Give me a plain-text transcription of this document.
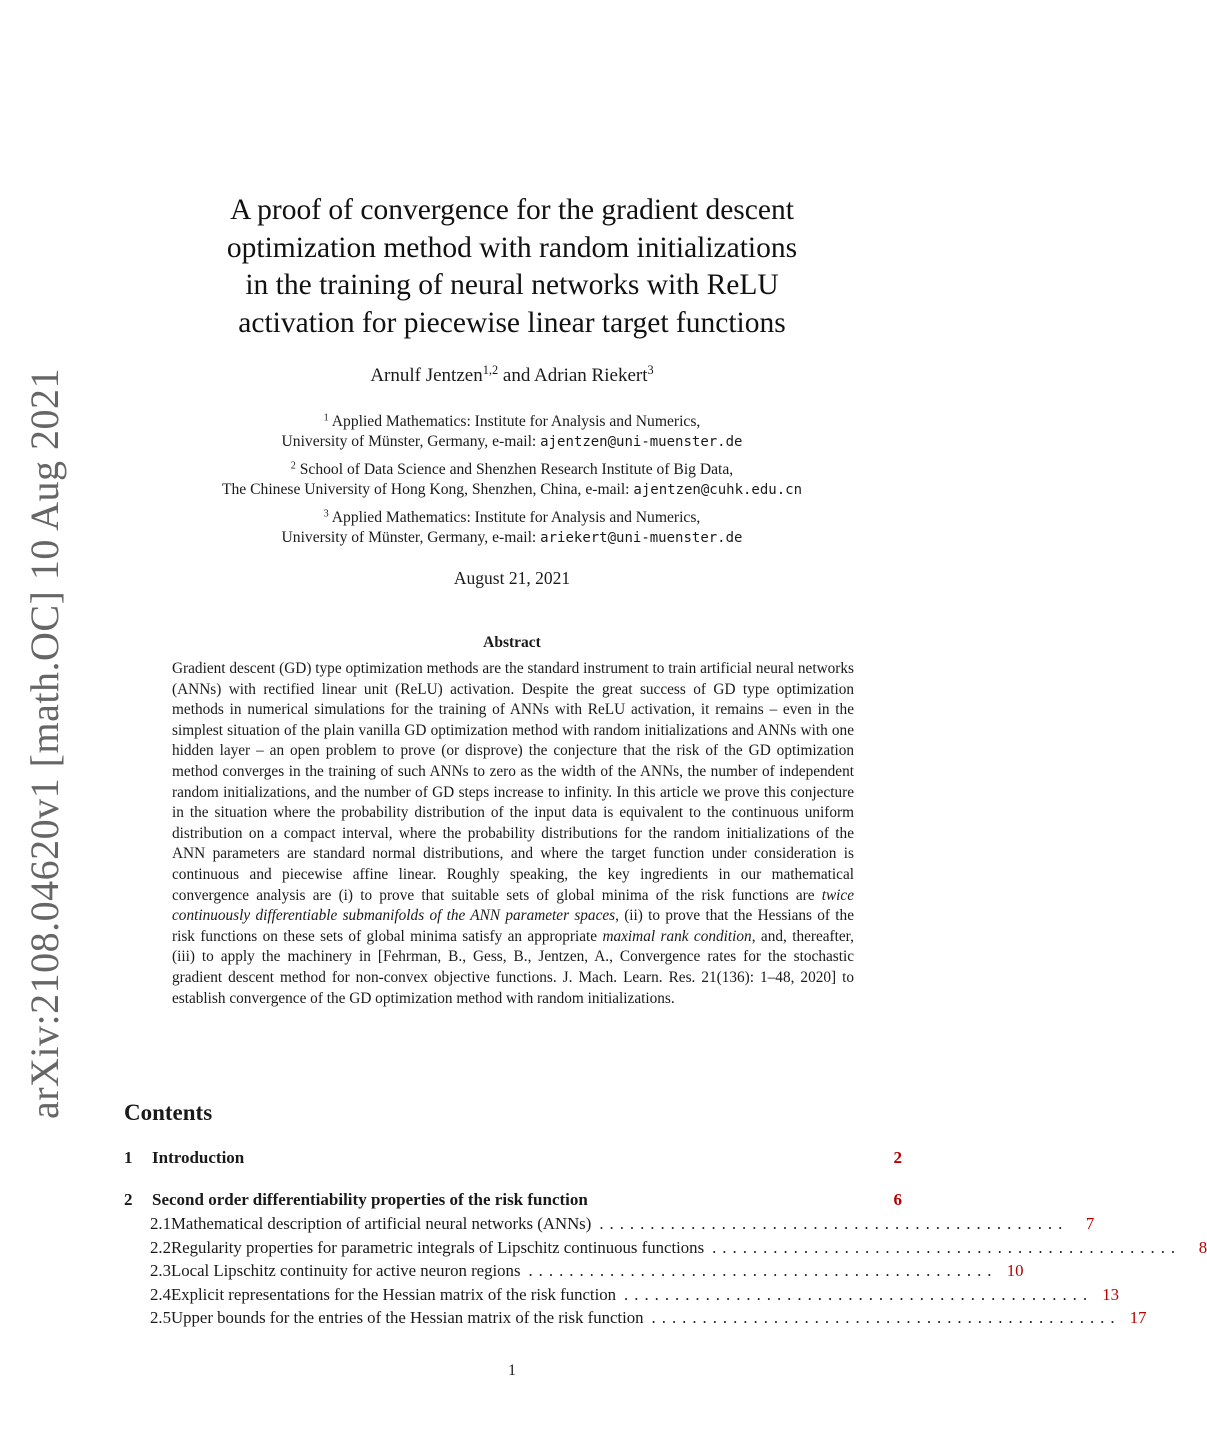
arXiv:2108.04620v1 [math.OC] 10 Aug 2021
A proof of convergence for the gradient descent
optimization method with random initializations
in the training of neural networks with ReLU
activation for piecewise linear target functions
Arnulf Jentzen$^{1,2}$ and Adrian Riekert$^3$
$^1$ Applied Mathematics: Institute for Analysis and Numerics,
University of Münster, Germany, e-mail: ajentzen@uni-muenster.de
$^2$ School of Data Science and Shenzhen Research Institute of Big Data,
The Chinese University of Hong Kong, Shenzhen, China, e-mail: ajentzen@cuhk.edu.cn
$^3$ Applied Mathematics: Institute for Analysis and Numerics,
University of Münster, Germany, e-mail: ariekert@uni-muenster.de
August 21, 2021
Abstract
Gradient descent (GD) type optimization methods are the standard instrument to train artificial neural networks (ANNs) with rectified linear unit (ReLU) activation. Despite the great success of GD type optimization methods in numerical simulations for the training of ANNs with ReLU activation, it remains – even in the simplest situation of the plain vanilla GD optimization method with random initializations and ANNs with one hidden layer – an open problem to prove (or disprove) the conjecture that the risk of the GD optimization method converges in the training of such ANNs to zero as the width of the ANNs, the number of independent random initializations, and the number of GD steps increase to infinity. In this article we prove this conjecture in the situation where the probability distribution of the input data is equivalent to the continuous uniform distribution on a compact interval, where the probability distributions for the random initializations of the ANN parameters are standard normal distributions, and where the target function under consideration is continuous and piecewise affine linear. Roughly speaking, the key ingredients in our mathematical convergence analysis are (i) to prove that suitable sets of global minima of the risk functions are twice continuously differentiable submanifolds of the ANN parameter spaces, (ii) to prove that the Hessians of the risk functions on these sets of global minima satisfy an appropriate maximal rank condition, and, thereafter, (iii) to apply the machinery in [Fehrman, B., Gess, B., Jentzen, A., Convergence rates for the stochastic gradient descent method for non-convex objective functions. J. Mach. Learn. Res. 21(136): 1–48, 2020] to establish convergence of the GD optimization method with random initializations.
Contents
1	Introduction	2
2	Second order differentiability properties of the risk function	6
2.1 Mathematical description of artificial neural networks (ANNs) ..............................................	7
2.2 Regularity properties for parametric integrals of Lipschitz continuous functions ..............................................	8
2.3 Local Lipschitz continuity for active neuron regions .............................................. 10
2.4 Explicit representations for the Hessian matrix of the risk function .............................................. 13
2.5 Upper bounds for the entries of the Hessian matrix of the risk function .............................................. 17
1
